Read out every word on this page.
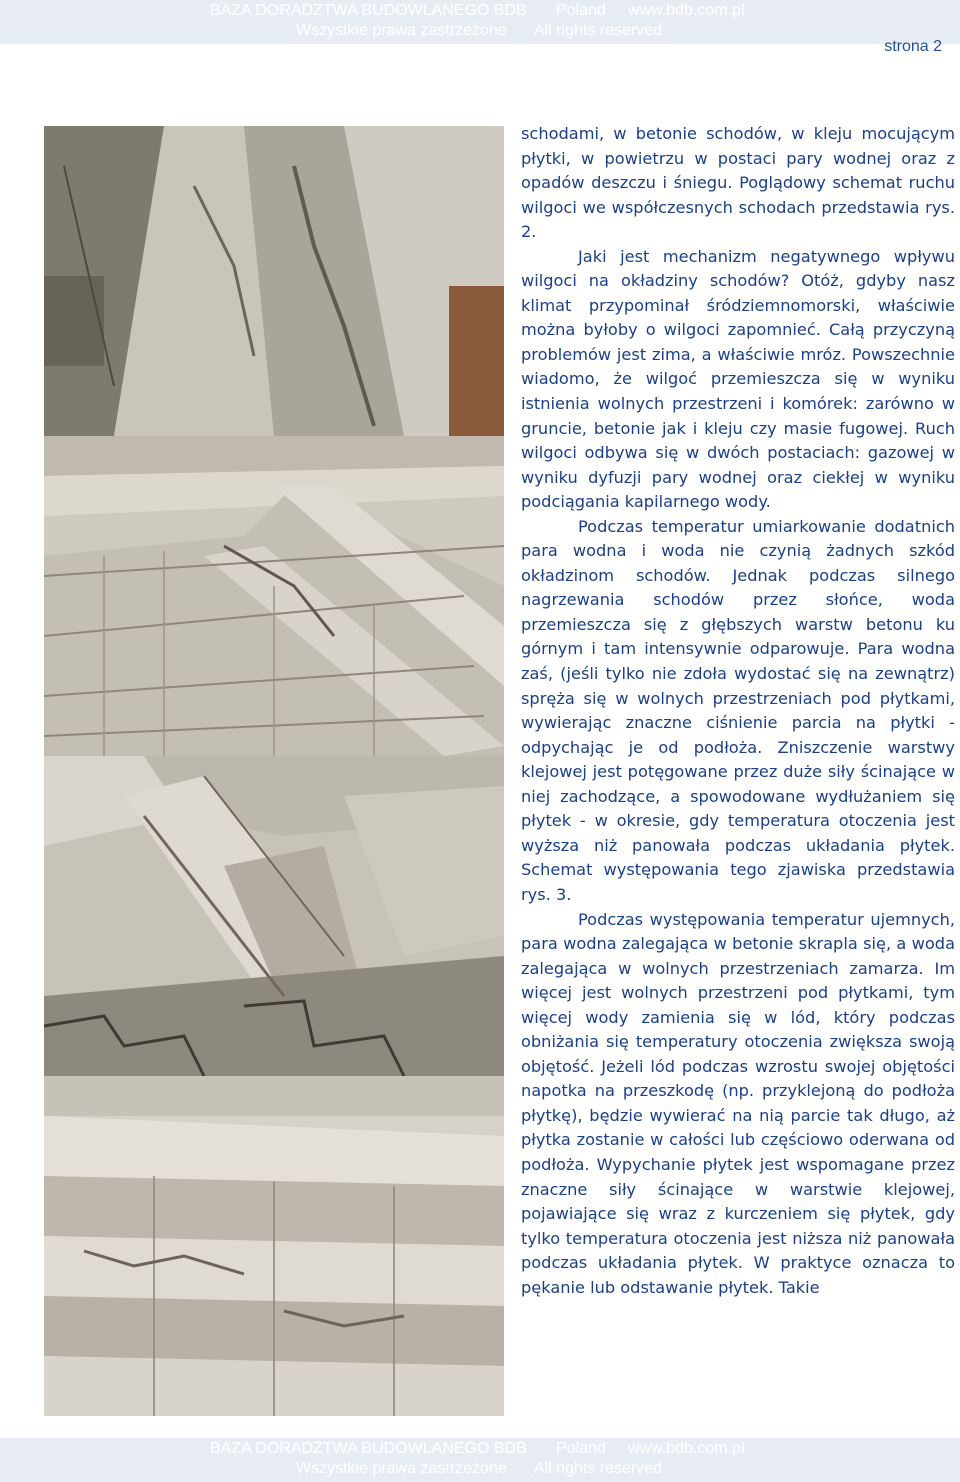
BAZA DORADZTWA BUDOWLANEGO BDB Poland www.bdb.com.pl
Wszystkie prawa zastrzeżone All rights reserved
strona 2

schodami, w betonie schodów, w kleju mocującym płytki, w powietrzu w postaci pary wodnej oraz z opadów deszczu i śniegu. Poglądowy schemat ruchu wilgoci we współczesnych schodach przedstawia rys. 2.

Jaki jest mechanizm negatywnego wpływu wilgoci na okładziny schodów? Otóż, gdyby nasz klimat przypominał śródziemnomorski, właściwie można byłoby o wilgoci zapomnieć. Całą przyczyną problemów jest zima, a właściwie mróz. Powszechnie wiadomo, że wilgoć przemieszcza się w wyniku istnienia wolnych przestrzeni i komórek: zarówno w gruncie, betonie jak i kleju czy masie fugowej. Ruch wilgoci odbywa się w dwóch postaciach: gazowej w wyniku dyfuzji pary wodnej oraz ciekłej w wyniku podciągania kapilarnego wody.

Podczas temperatur umiarkowanie dodatnich para wodna i woda nie czynią żadnych szkód okładzinom schodów. Jednak podczas silnego nagrzewania schodów przez słońce, woda przemieszcza się z głębszych warstw betonu ku górnym i tam intensywnie odparowuje. Para wodna zaś, (jeśli tylko nie zdoła wydostać się na zewnątrz) spręża się w wolnych przestrzeniach pod płytkami, wywierając znaczne ciśnienie parcia na płytki - odpychając je od podłoża. Zniszczenie warstwy klejowej jest potęgowane przez duże siły ścinające w niej zachodzące, a spowodowane wydłużaniem się płytek - w okresie, gdy temperatura otoczenia jest wyższa niż panowała podczas układania płytek. Schemat występowania tego zjawiska przedstawia rys. 3.

Podczas występowania temperatur ujemnych, para wodna zalegająca w betonie skrapla się, a woda zalegająca w wolnych przestrzeniach zamarza. Im więcej jest wolnych przestrzeni pod płytkami, tym więcej wody zamienia się w lód, który podczas obniżania się temperatury otoczenia zwiększa swoją objętość. Jeżeli lód podczas wzrostu swojej objętości napotka na przeszkodę (np. przyklejoną do podłoża płytkę), będzie wywierać na nią parcie tak długo, aż płytka zostanie w całości lub częściowo oderwana od podłoża. Wypychanie płytek jest wspomagane przez znaczne siły ścinające w warstwie klejowej, pojawiające się wraz z kurczeniem się płytek, gdy tylko temperatura otoczenia jest niższa niż panowała podczas układania płytek. W praktyce oznacza to pękanie lub odstawanie płytek. Takie

BAZA DORADZTWA BUDOWLANEGO BDB Poland www.bdb.com.pl
Wszystkie prawa zastrzeżone All rights reserved
